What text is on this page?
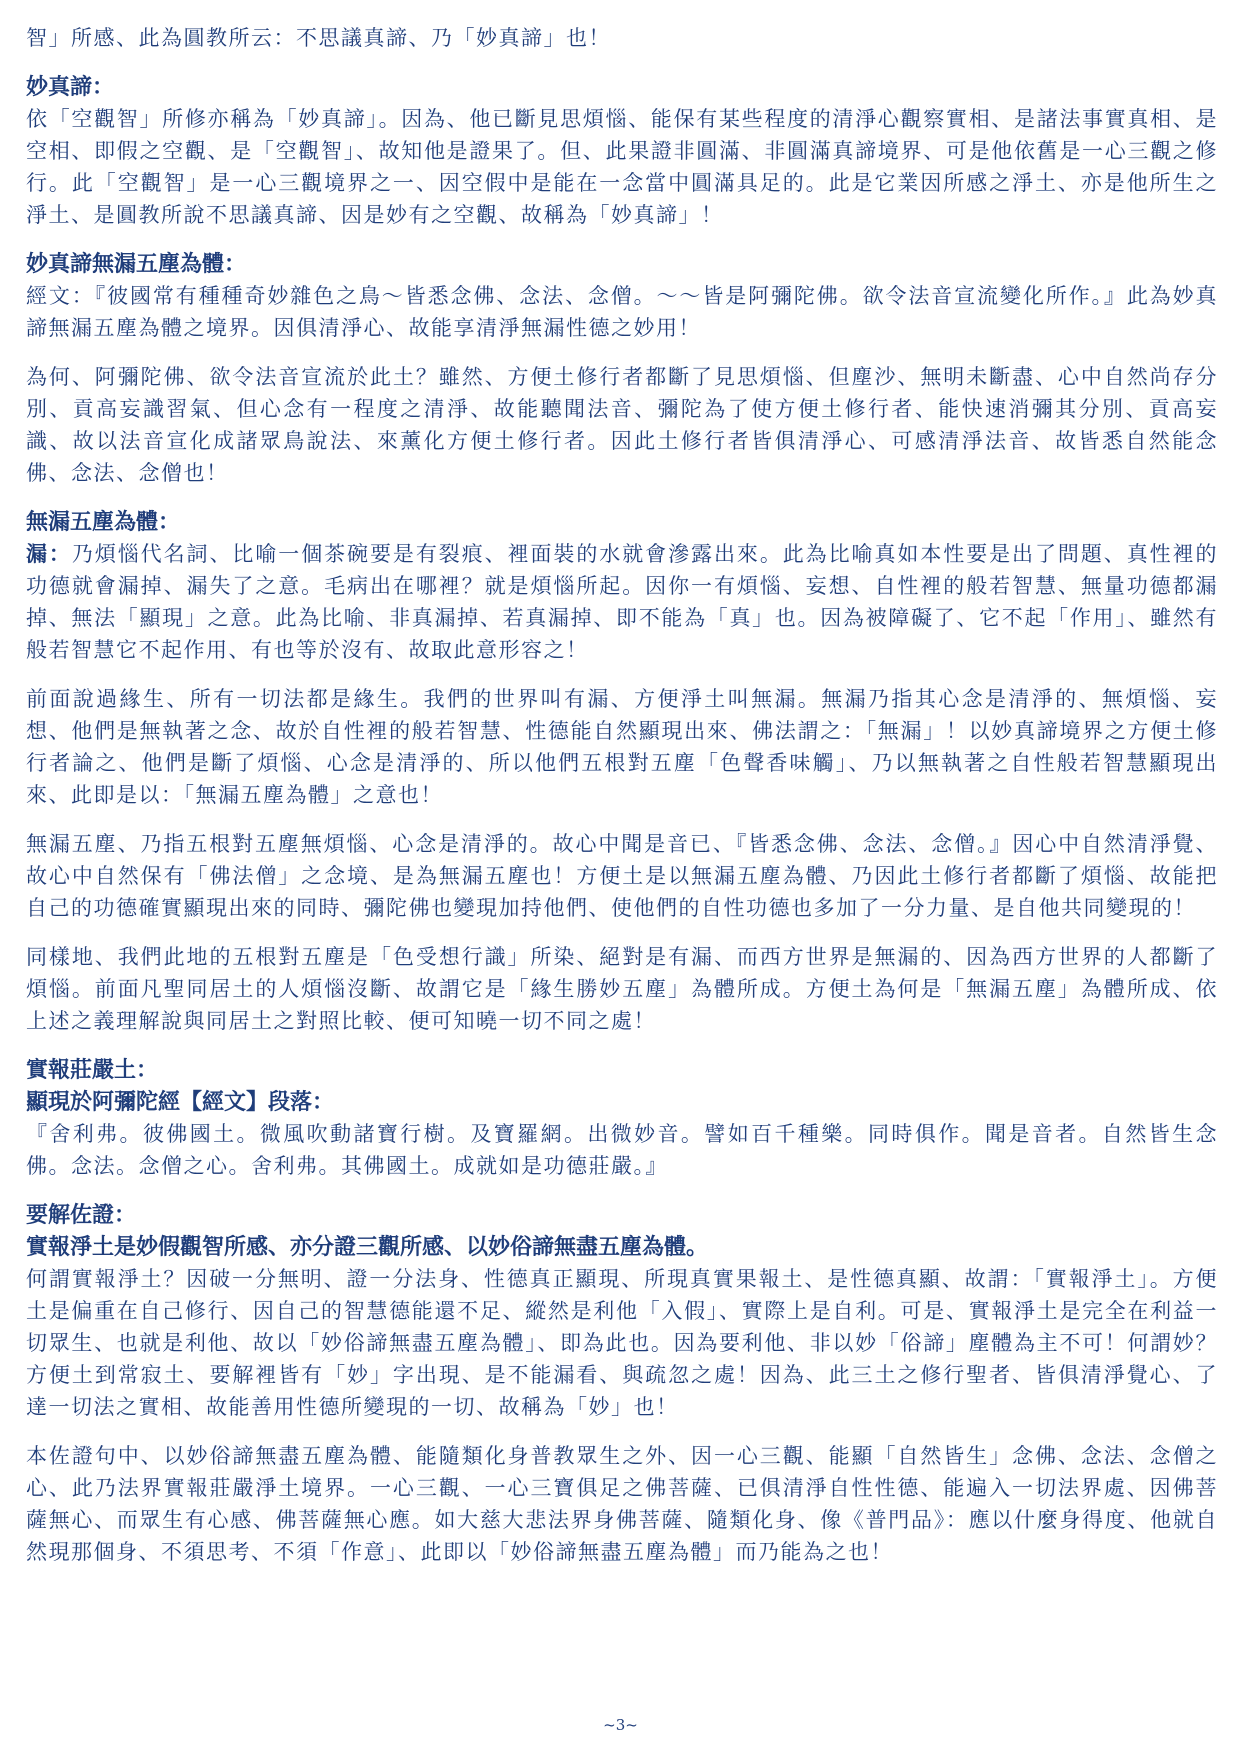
智」所感、此為圓教所云：不思議真諦、乃「妙真諦」也！

妙真諦：

依「空觀智」所修亦稱為「妙真諦」。因為、他已斷見思煩惱、能保有某些程度的清淨心觀察實相、是諸法事實真相、是空相、即假之空觀、是「空觀智」、故知他是證果了。但、此果證非圓滿、非圓滿真諦境界、可是他依舊是一心三觀之修行。此「空觀智」是一心三觀境界之一、因空假中是能在一念當中圓滿具足的。此是它業因所感之淨土、亦是他所生之淨土、是圓教所說不思議真諦、因是妙有之空觀、故稱為「妙真諦」！

妙真諦無漏五塵為體：

經文：『彼國常有種種奇妙雜色之鳥～皆悉念佛、念法、念僧。～～皆是阿彌陀佛。欲令法音宣流變化所作。』此為妙真諦無漏五塵為體之境界。因俱清淨心、故能享清淨無漏性德之妙用！

為何、阿彌陀佛、欲令法音宣流於此土？雖然、方便土修行者都斷了見思煩惱、但塵沙、無明未斷盡、心中自然尚存分別、貢高妄識習氣、但心念有一程度之清淨、故能聽聞法音、彌陀為了使方便土修行者、能快速消彌其分別、貢高妄識、故以法音宣化成諸眾鳥說法、來薰化方便土修行者。因此土修行者皆俱清淨心、可感清淨法音、故皆悉自然能念佛、念法、念僧也！

無漏五塵為體：

漏：乃煩惱代名詞、比喻一個茶碗要是有裂痕、裡面裝的水就會滲露出來。此為比喻真如本性要是出了問題、真性裡的功德就會漏掉、漏失了之意。毛病出在哪裡？就是煩惱所起。因你一有煩惱、妄想、自性裡的般若智慧、無量功德都漏掉、無法「顯現」之意。此為比喻、非真漏掉、若真漏掉、即不能為「真」也。因為被障礙了、它不起「作用」、雖然有般若智慧它不起作用、有也等於沒有、故取此意形容之！

前面說過緣生、所有一切法都是緣生。我們的世界叫有漏、方便淨土叫無漏。無漏乃指其心念是清淨的、無煩惱、妄想、他們是無執著之念、故於自性裡的般若智慧、性德能自然顯現出來、佛法謂之：「無漏」！以妙真諦境界之方便土修行者論之、他們是斷了煩惱、心念是清淨的、所以他們五根對五塵「色聲香味觸」、乃以無執著之自性般若智慧顯現出來、此即是以：「無漏五塵為體」之意也！

無漏五塵、乃指五根對五塵無煩惱、心念是清淨的。故心中聞是音已、『皆悉念佛、念法、念僧。』因心中自然清淨覺、故心中自然保有「佛法僧」之念境、是為無漏五塵也！方便土是以無漏五塵為體、乃因此土修行者都斷了煩惱、故能把自己的功德確實顯現出來的同時、彌陀佛也變現加持他們、使他們的自性功德也多加了一分力量、是自他共同變現的！

同樣地、我們此地的五根對五塵是「色受想行識」所染、絕對是有漏、而西方世界是無漏的、因為西方世界的人都斷了煩惱。前面凡聖同居土的人煩惱沒斷、故謂它是「緣生勝妙五塵」為體所成。方便土為何是「無漏五塵」為體所成、依上述之義理解說與同居土之對照比較、便可知曉一切不同之處！

實報莊嚴土：

顯現於阿彌陀經【經文】段落：

『舍利弗。彼佛國土。微風吹動諸寶行樹。及寶羅網。出微妙音。譬如百千種樂。同時俱作。聞是音者。自然皆生念佛。念法。念僧之心。舍利弗。其佛國土。成就如是功德莊嚴。』

要解佐證：

實報淨土是妙假觀智所感、亦分證三觀所感、以妙俗諦無盡五塵為體。

何謂實報淨土？因破一分無明、證一分法身、性德真正顯現、所現真實果報土、是性德真顯、故謂：「實報淨土」。方便土是偏重在自己修行、因自己的智慧德能還不足、縱然是利他「入假」、實際上是自利。可是、實報淨土是完全在利益一切眾生、也就是利他、故以「妙俗諦無盡五塵為體」、即為此也。因為要利他、非以妙「俗諦」塵體為主不可！何謂妙？方便土到常寂土、要解裡皆有「妙」字出現、是不能漏看、與疏忽之處！因為、此三土之修行聖者、皆俱清淨覺心、了達一切法之實相、故能善用性德所變現的一切、故稱為「妙」也！

本佐證句中、以妙俗諦無盡五塵為體、能隨類化身普教眾生之外、因一心三觀、能顯「自然皆生」念佛、念法、念僧之心、此乃法界實報莊嚴淨土境界。一心三觀、一心三寶俱足之佛菩薩、已俱清淨自性性德、能遍入一切法界處、因佛菩薩無心、而眾生有心感、佛菩薩無心應。如大慈大悲法界身佛菩薩、隨類化身、像《普門品》：應以什麼身得度、他就自然現那個身、不須思考、不須「作意」、此即以「妙俗諦無盡五塵為體」而乃能為之也！

~3~
